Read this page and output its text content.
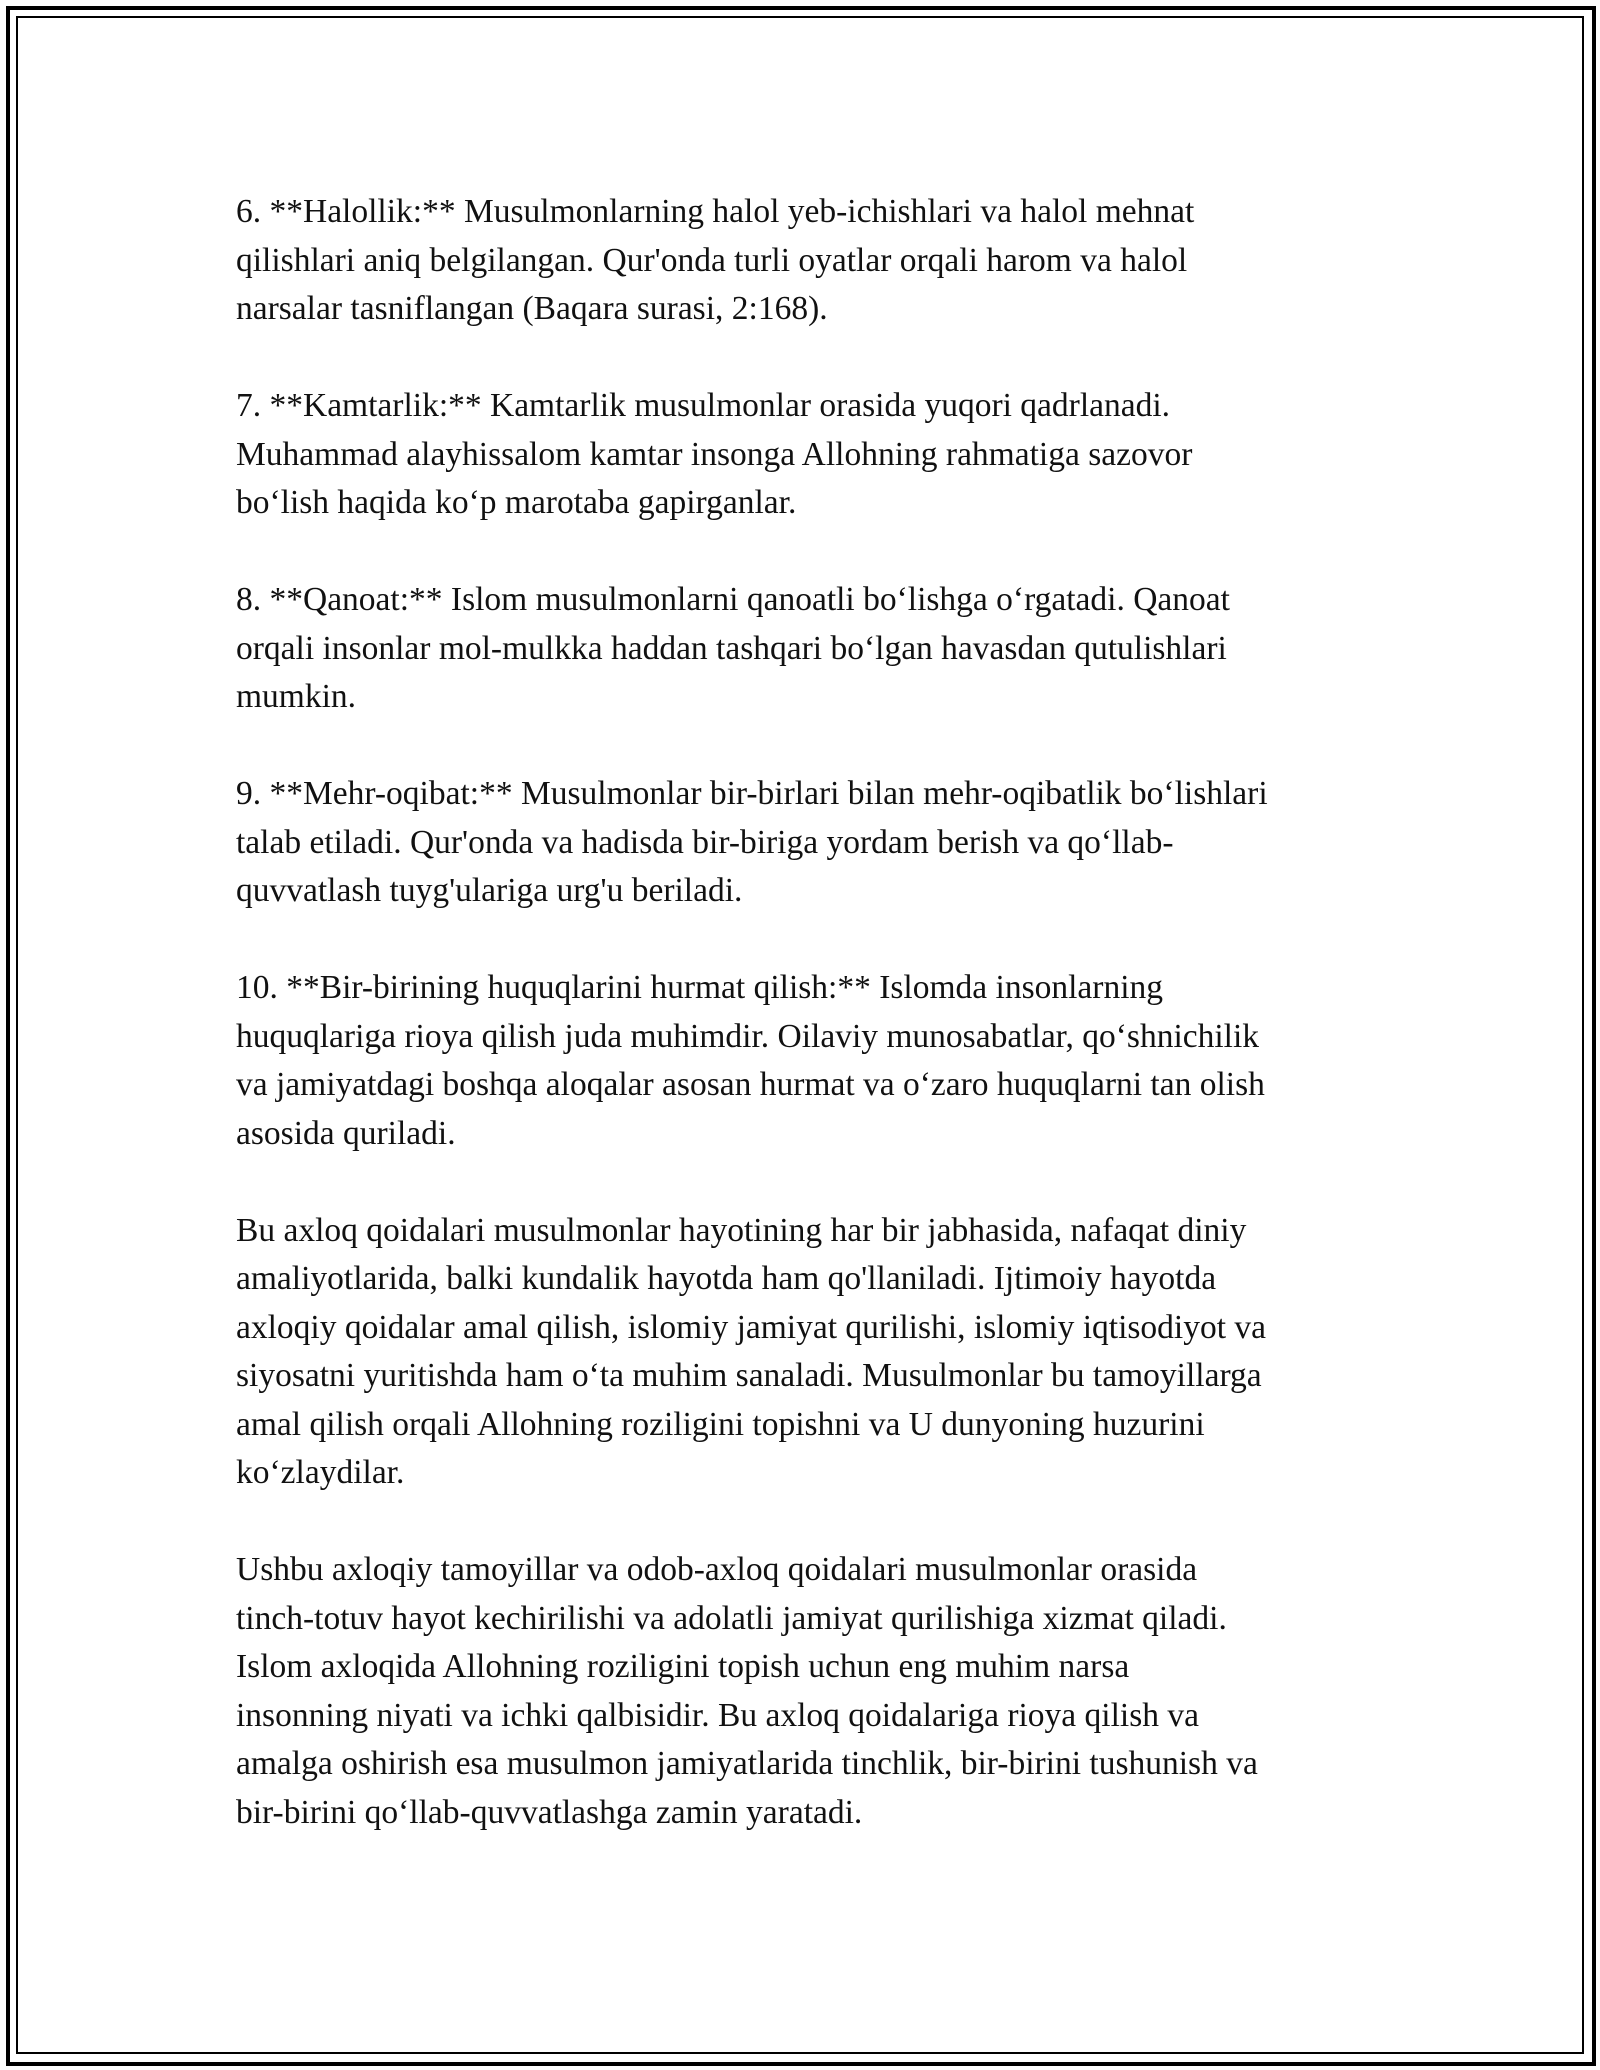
6. **Halollik:** Musulmonlarning halol yeb-ichishlari va halol mehnat
qilishlari aniq belgilangan. Qur'onda turli oyatlar orqali harom va halol
narsalar tasniflangan (Baqara surasi, 2:168).

7. **Kamtarlik:** Kamtarlik musulmonlar orasida yuqori qadrlanadi.
Muhammad alayhissalom kamtar insonga Allohning rahmatiga sazovor
bo‘lish haqida ko‘p marotaba gapirganlar.

8. **Qanoat:** Islom musulmonlarni qanoatli bo‘lishga o‘rgatadi. Qanoat
orqali insonlar mol-mulkka haddan tashqari bo‘lgan havasdan qutulishlari
mumkin.

9. **Mehr-oqibat:** Musulmonlar bir-birlari bilan mehr-oqibatlik bo‘lishlari
talab etiladi. Qur'onda va hadisda bir-biriga yordam berish va qo‘llab-
quvvatlash tuyg'ulariga urg'u beriladi.

10. **Bir-birining huquqlarini hurmat qilish:** Islomda insonlarning
huquqlariga rioya qilish juda muhimdir. Oilaviy munosabatlar, qo‘shnichilik
va jamiyatdagi boshqa aloqalar asosan hurmat va o‘zaro huquqlarni tan olish
asosida quriladi.

Bu axloq qoidalari musulmonlar hayotining har bir jabhasida, nafaqat diniy
amaliyotlarida, balki kundalik hayotda ham qo'llaniladi. Ijtimoiy hayotda
axloqiy qoidalar amal qilish, islomiy jamiyat qurilishi, islomiy iqtisodiyot va
siyosatni yuritishda ham o‘ta muhim sanaladi. Musulmonlar bu tamoyillarga
amal qilish orqali Allohning roziligini topishni va U dunyoning huzurini
ko‘zlaydilar.

Ushbu axloqiy tamoyillar va odob-axloq qoidalari musulmonlar orasida
tinch-totuv hayot kechirilishi va adolatli jamiyat qurilishiga xizmat qiladi.
Islom axloqida Allohning roziligini topish uchun eng muhim narsa
insonning niyati va ichki qalbisidir. Bu axloq qoidalariga rioya qilish va
amalga oshirish esa musulmon jamiyatlarida tinchlik, bir-birini tushunish va
bir-birini qo‘llab-quvvatlashga zamin yaratadi.
